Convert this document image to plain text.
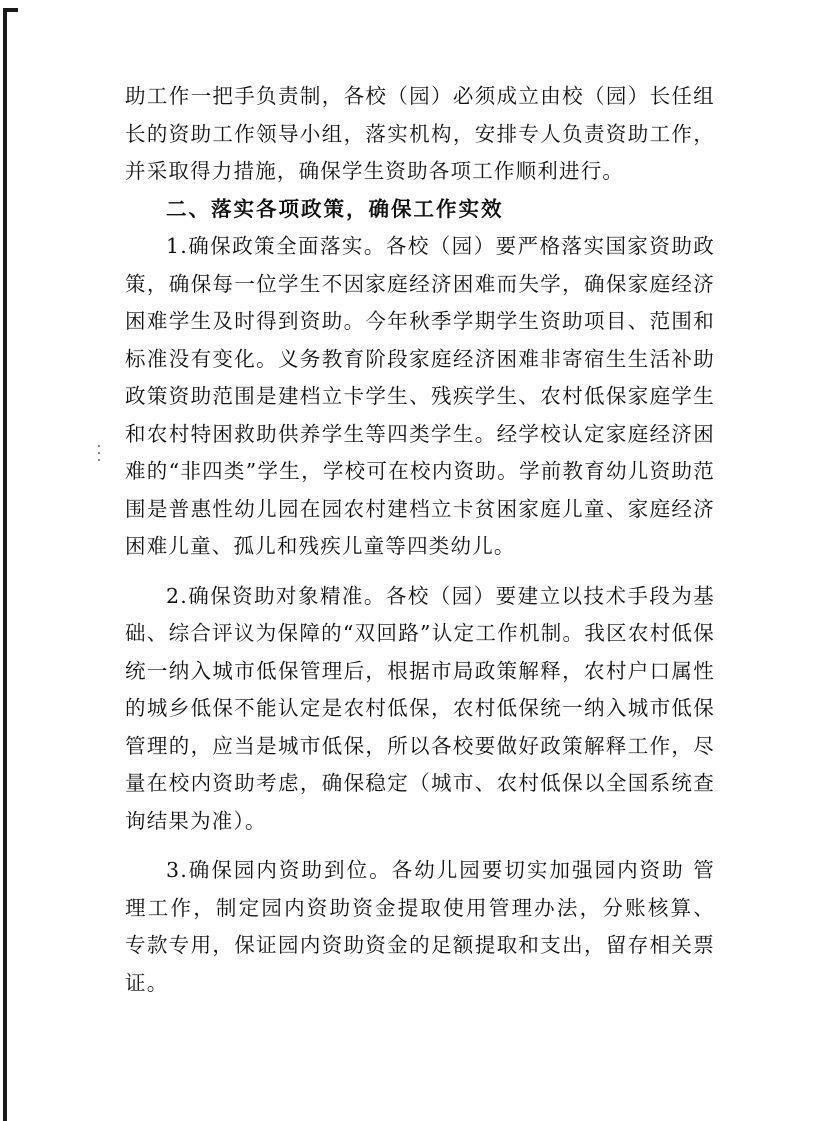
助工作一把手负责制，各校（园）必须成立由校（园）长任组长的资助工作领导小组，落实机构，安排专人负责资助工作，并采取得力措施，确保学生资助各项工作顺利进行。

二、落实各项政策，确保工作实效

1.确保政策全面落实。各校（园）要严格落实国家资助政策，确保每一位学生不因家庭经济困难而失学，确保家庭经济困难学生及时得到资助。今年秋季学期学生资助项目、范围和标准没有变化。义务教育阶段家庭经济困难非寄宿生生活补助政策资助范围是建档立卡学生、残疾学生、农村低保家庭学生和农村特困救助供养学生等四类学生。经学校认定家庭经济困难的“非四类”学生，学校可在校内资助。学前教育幼儿资助范围是普惠性幼儿园在园农村建档立卡贫困家庭儿童、家庭经济困难儿童、孤儿和残疾儿童等四类幼儿。

2.确保资助对象精准。各校（园）要建立以技术手段为基础、综合评议为保障的“双回路”认定工作机制。我区农村低保统一纳入城市低保管理后，根据市局政策解释，农村户口属性的城乡低保不能认定是农村低保，农村低保统一纳入城市低保管理的，应当是城市低保，所以各校要做好政策解释工作，尽量在校内资助考虑，确保稳定（城市、农村低保以全国系统查询结果为准）。

3.确保园内资助到位。各幼儿园要切实加强园内资助 管理工作，制定园内资助资金提取使用管理办法，分账核算、 专款专用，保证园内资助资金的足额提取和支出，留存相关票证。
